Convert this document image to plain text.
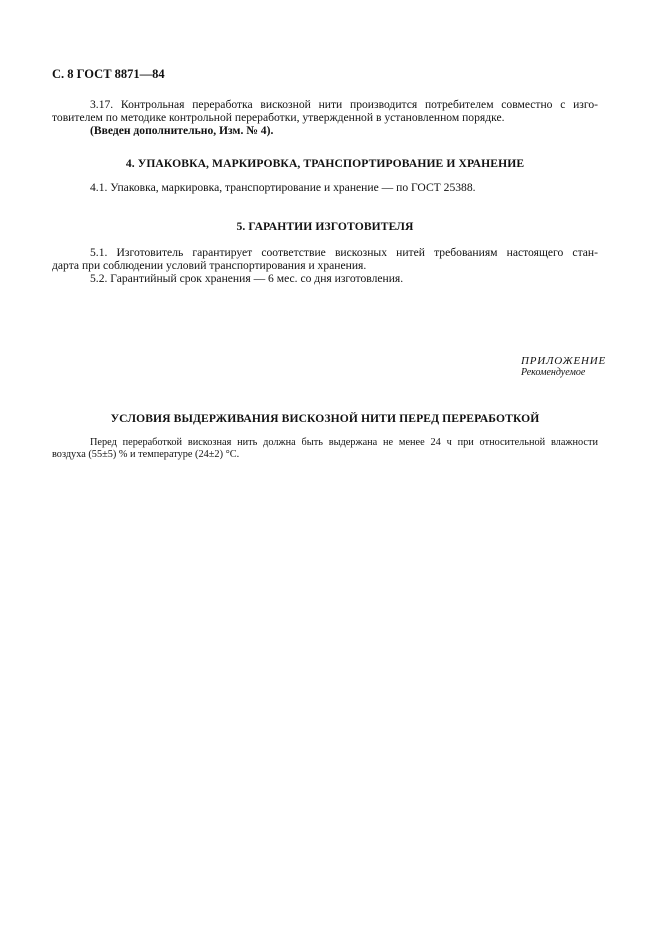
С. 8 ГОСТ 8871—84
3.17. Контрольная переработка вискозной нити производится потребителем совместно с изго-
товителем по методике контрольной переработки, утвержденной в установленном порядке.
(Введен дополнительно, Изм. № 4).
4. УПАКОВКА, МАРКИРОВКА, ТРАНСПОРТИРОВАНИЕ И ХРАНЕНИЕ
4.1. Упаковка, маркировка, транспортирование и хранение — по ГОСТ 25388.
5. ГАРАНТИИ ИЗГОТОВИТЕЛЯ
5.1. Изготовитель гарантирует соответствие вискозных нитей требованиям настоящего стан-
дарта при соблюдении условий транспортирования и хранения.
5.2. Гарантийный срок хранения — 6 мес. со дня изготовления.
ПРИЛОЖЕНИЕ
Рекомендуемое
УСЛОВИЯ ВЫДЕРЖИВАНИЯ ВИСКОЗНОЙ НИТИ ПЕРЕД ПЕРЕРАБОТКОЙ
Перед переработкой вискозная нить должна быть выдержана не менее 24 ч при относительной влажности
воздуха (55±5) % и температуре (24±2) °С.
